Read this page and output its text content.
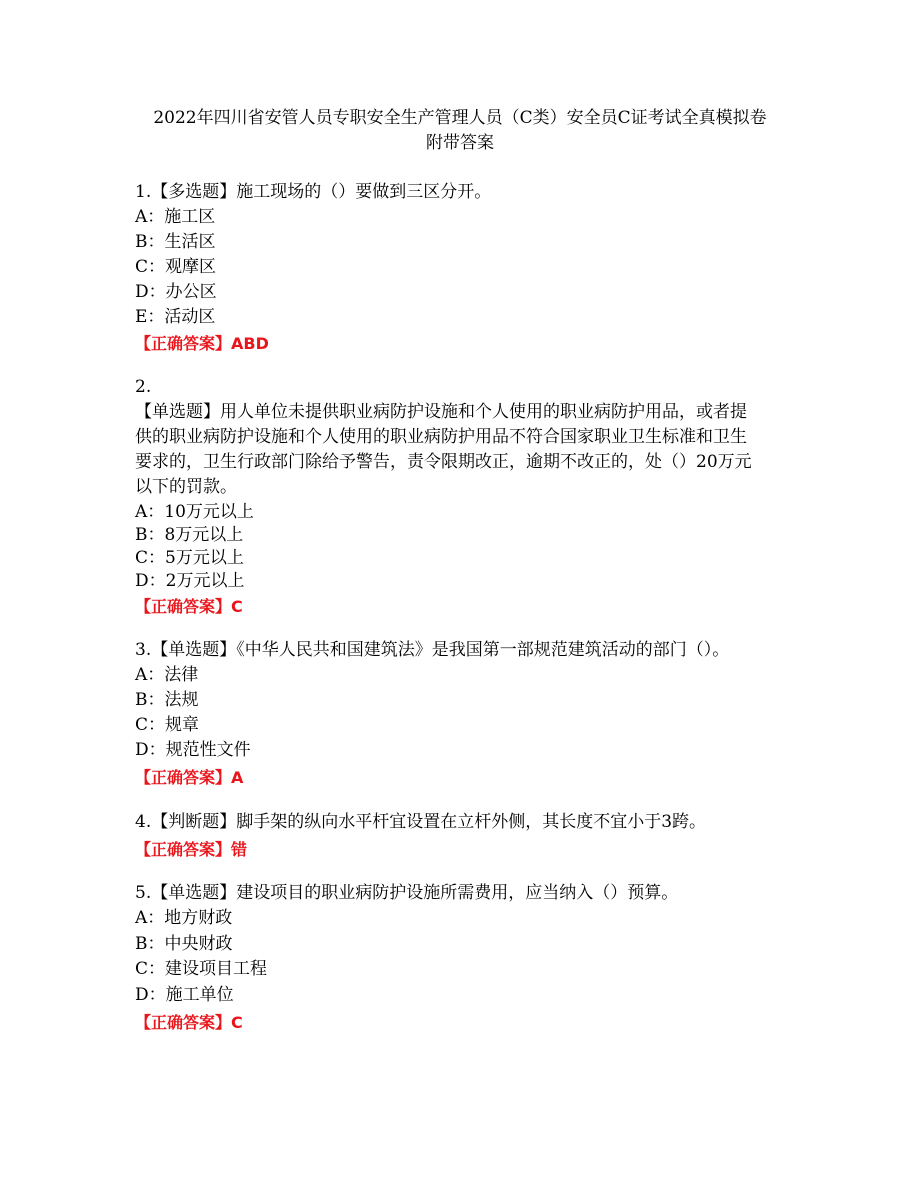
2022年四川省安管人员专职安全生产管理人员（C类）安全员C证考试全真模拟卷
附带答案
1.【多选题】施工现场的（）要做到三区分开。
A：施工区
B：生活区
C：观摩区
D：办公区
E：活动区
【正确答案】ABD
2.
【单选题】用人单位未提供职业病防护设施和个人使用的职业病防护用品，或者提
供的职业病防护设施和个人使用的职业病防护用品不符合国家职业卫生标准和卫生
要求的，卫生行政部门除给予警告，责令限期改正，逾期不改正的，处（）20万元
以下的罚款。
A：10万元以上
B：8万元以上
C：5万元以上
D：2万元以上
【正确答案】C
3.【单选题】《中华人民共和国建筑法》是我国第一部规范建筑活动的部门（）。
A：法律
B：法规
C：规章
D：规范性文件
【正确答案】A
4.【判断题】脚手架的纵向水平杆宜设置在立杆外侧，其长度不宜小于3跨。
【正确答案】错
5.【单选题】建设项目的职业病防护设施所需费用，应当纳入（）预算。
A：地方财政
B：中央财政
C：建设项目工程
D：施工单位
【正确答案】C
